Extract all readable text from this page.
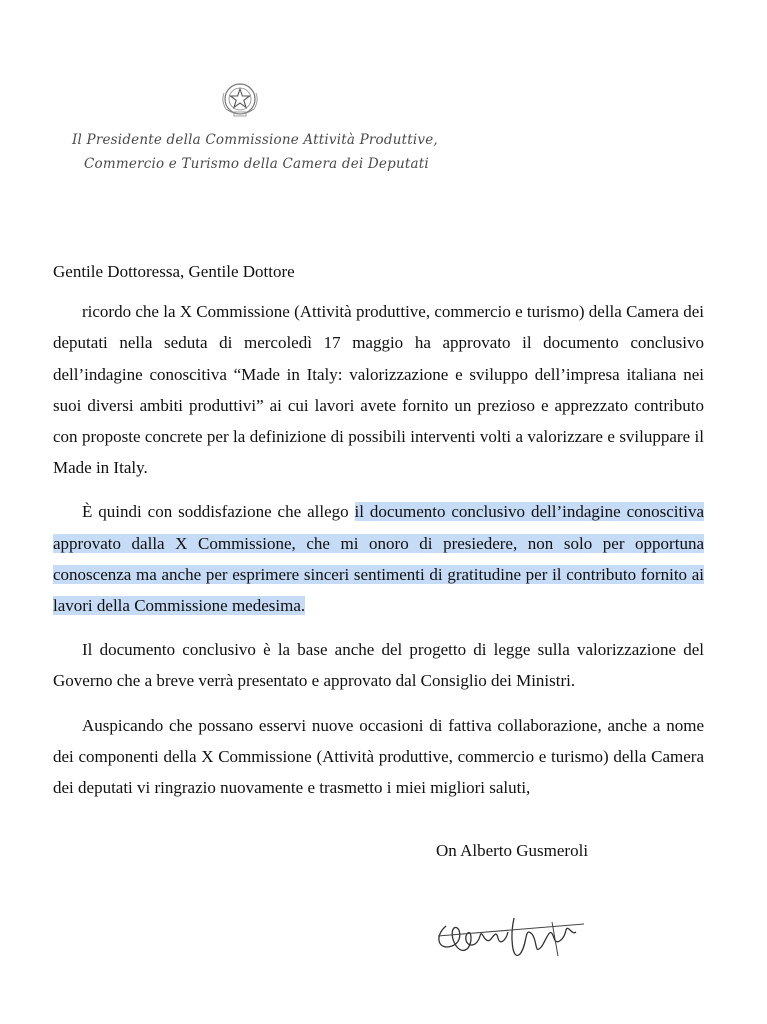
Il Presidente della Commissione Attività Produttive,
Commercio e Turismo della Camera dei Deputati

Gentile Dottoressa, Gentile Dottore

ricordo che la X Commissione (Attività produttive, commercio e turismo) della Camera dei deputati nella seduta di mercoledì 17 maggio ha approvato il documento conclusivo dell’indagine conoscitiva “Made in Italy: valorizzazione e sviluppo dell’impresa italiana nei suoi diversi ambiti produttivi” ai cui lavori avete fornito un prezioso e apprezzato contributo con proposte concrete per la definizione di possibili interventi volti a valorizzare e sviluppare il Made in Italy.

È quindi con soddisfazione che allego il documento conclusivo dell’indagine conoscitiva approvato dalla X Commissione, che mi onoro di presiedere, non solo per opportuna conoscenza ma anche per esprimere sinceri sentimenti di gratitudine per il contributo fornito ai lavori della Commissione medesima.

Il documento conclusivo è la base anche del progetto di legge sulla valorizzazione del Governo che a breve verrà presentato e approvato dal Consiglio dei Ministri.

Auspicando che possano esservi nuove occasioni di fattiva collaborazione, anche a nome dei componenti della X Commissione (Attività produttive, commercio e turismo) della Camera dei deputati vi ringrazio nuovamente e trasmetto i miei migliori saluti,

On Alberto Gusmeroli
